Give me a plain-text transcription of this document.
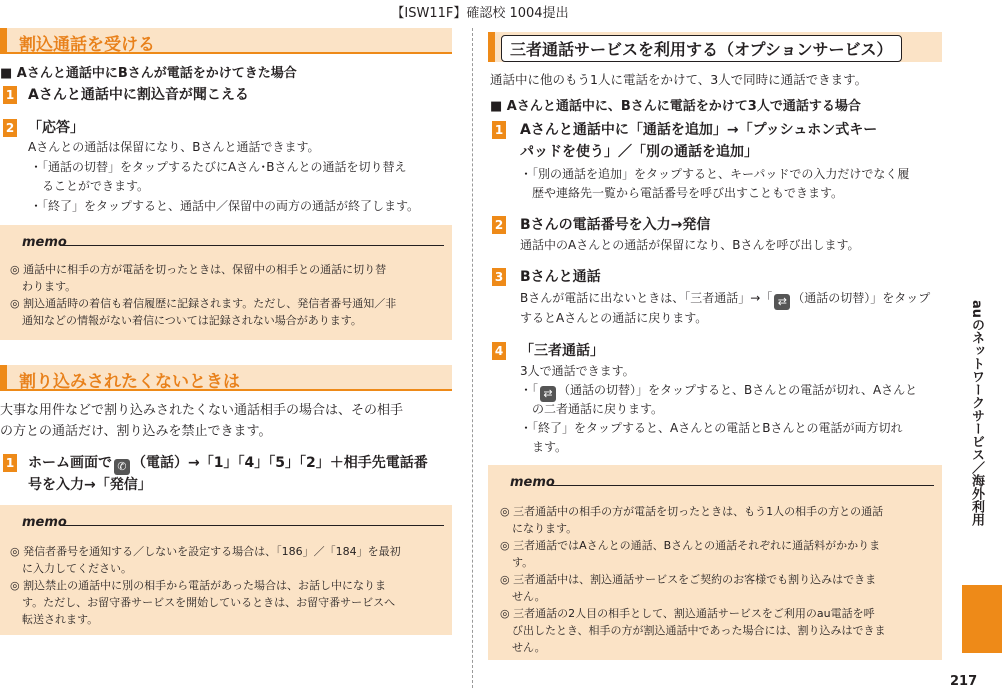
【ISW11F】確認校 1004提出
割込通話を受ける
■ Aさんと通話中にBさんが電話をかけてきた場合
1 Aさんと通話中に割込音が聞こえる
2 「応答」
Aさんとの通話は保留になり、Bさんと通話できます。
・「通話の切替」をタップするたびにAさん･Bさんとの通話を切り替え
ることができます。
・「終了」をタップすると、通話中／保留中の両方の通話が終了します。
memo
◎ 通話中に相手の方が電話を切ったときは、保留中の相手との通話に切り替
わります。
◎ 割込通話時の着信も着信履歴に記録されます。ただし、発信者番号通知／非
通知などの情報がない着信については記録されない場合があります。
割り込みされたくないときは
大事な用件などで割り込みされたくない通話相手の場合は、その相手
の方との通話だけ、割り込みを禁止できます。
1 ホーム画面で ✆ （電話）→「1」「4」「5」「2」＋相手先電話番
号を入力→「発信」
memo
◎ 発信者番号を通知する／しないを設定する場合は、「186」／「184」を最初
に入力してください。
◎ 割込禁止の通話中に別の相手から電話があった場合は、お話し中になりま
す。ただし、お留守番サービスを開始しているときは、お留守番サービスへ
転送されます。
三者通話サービスを利用する（オプションサービス）
通話中に他のもう1人に電話をかけて、3人で同時に通話できます。
■ Aさんと通話中に、Bさんに電話をかけて3人で通話する場合
1 Aさんと通話中に「通話を追加」→「プッシュホン式キー
パッドを使う」／「別の通話を追加」
・「別の通話を追加」をタップすると、キーパッドでの入力だけでなく履
歴や連絡先一覧から電話番号を呼び出すこともできます。
2 Bさんの電話番号を入力→発信
通話中のAさんとの通話が保留になり、Bさんを呼び出します。
3 Bさんと通話
Bさんが電話に出ないときは、「三者通話」→「 ⇄ （通話の切替）」をタップ
するとAさんとの通話に戻ります。
4 「三者通話」
3人で通話できます。
・「 ⇄ （通話の切替）」をタップすると、Bさんとの電話が切れ、Aさんと
の二者通話に戻ります。
・「終了」をタップすると、Aさんとの電話とBさんとの電話が両方切れ
ます。
memo
◎ 三者通話中の相手の方が電話を切ったときは、もう1人の相手の方との通話
になります。
◎ 三者通話ではAさんとの通話、Bさんとの通話それぞれに通話料がかかりま
す。
◎ 三者通話中は、割込通話サービスをご契約のお客様でも割り込みはできま
せん。
◎ 三者通話の2人目の相手として、割込通話サービスをご利用のau電話を呼
び出したとき、相手の方が割込通話中であった場合には、割り込みはできま
せん。
auのネットワークサービス／海外利用
217
